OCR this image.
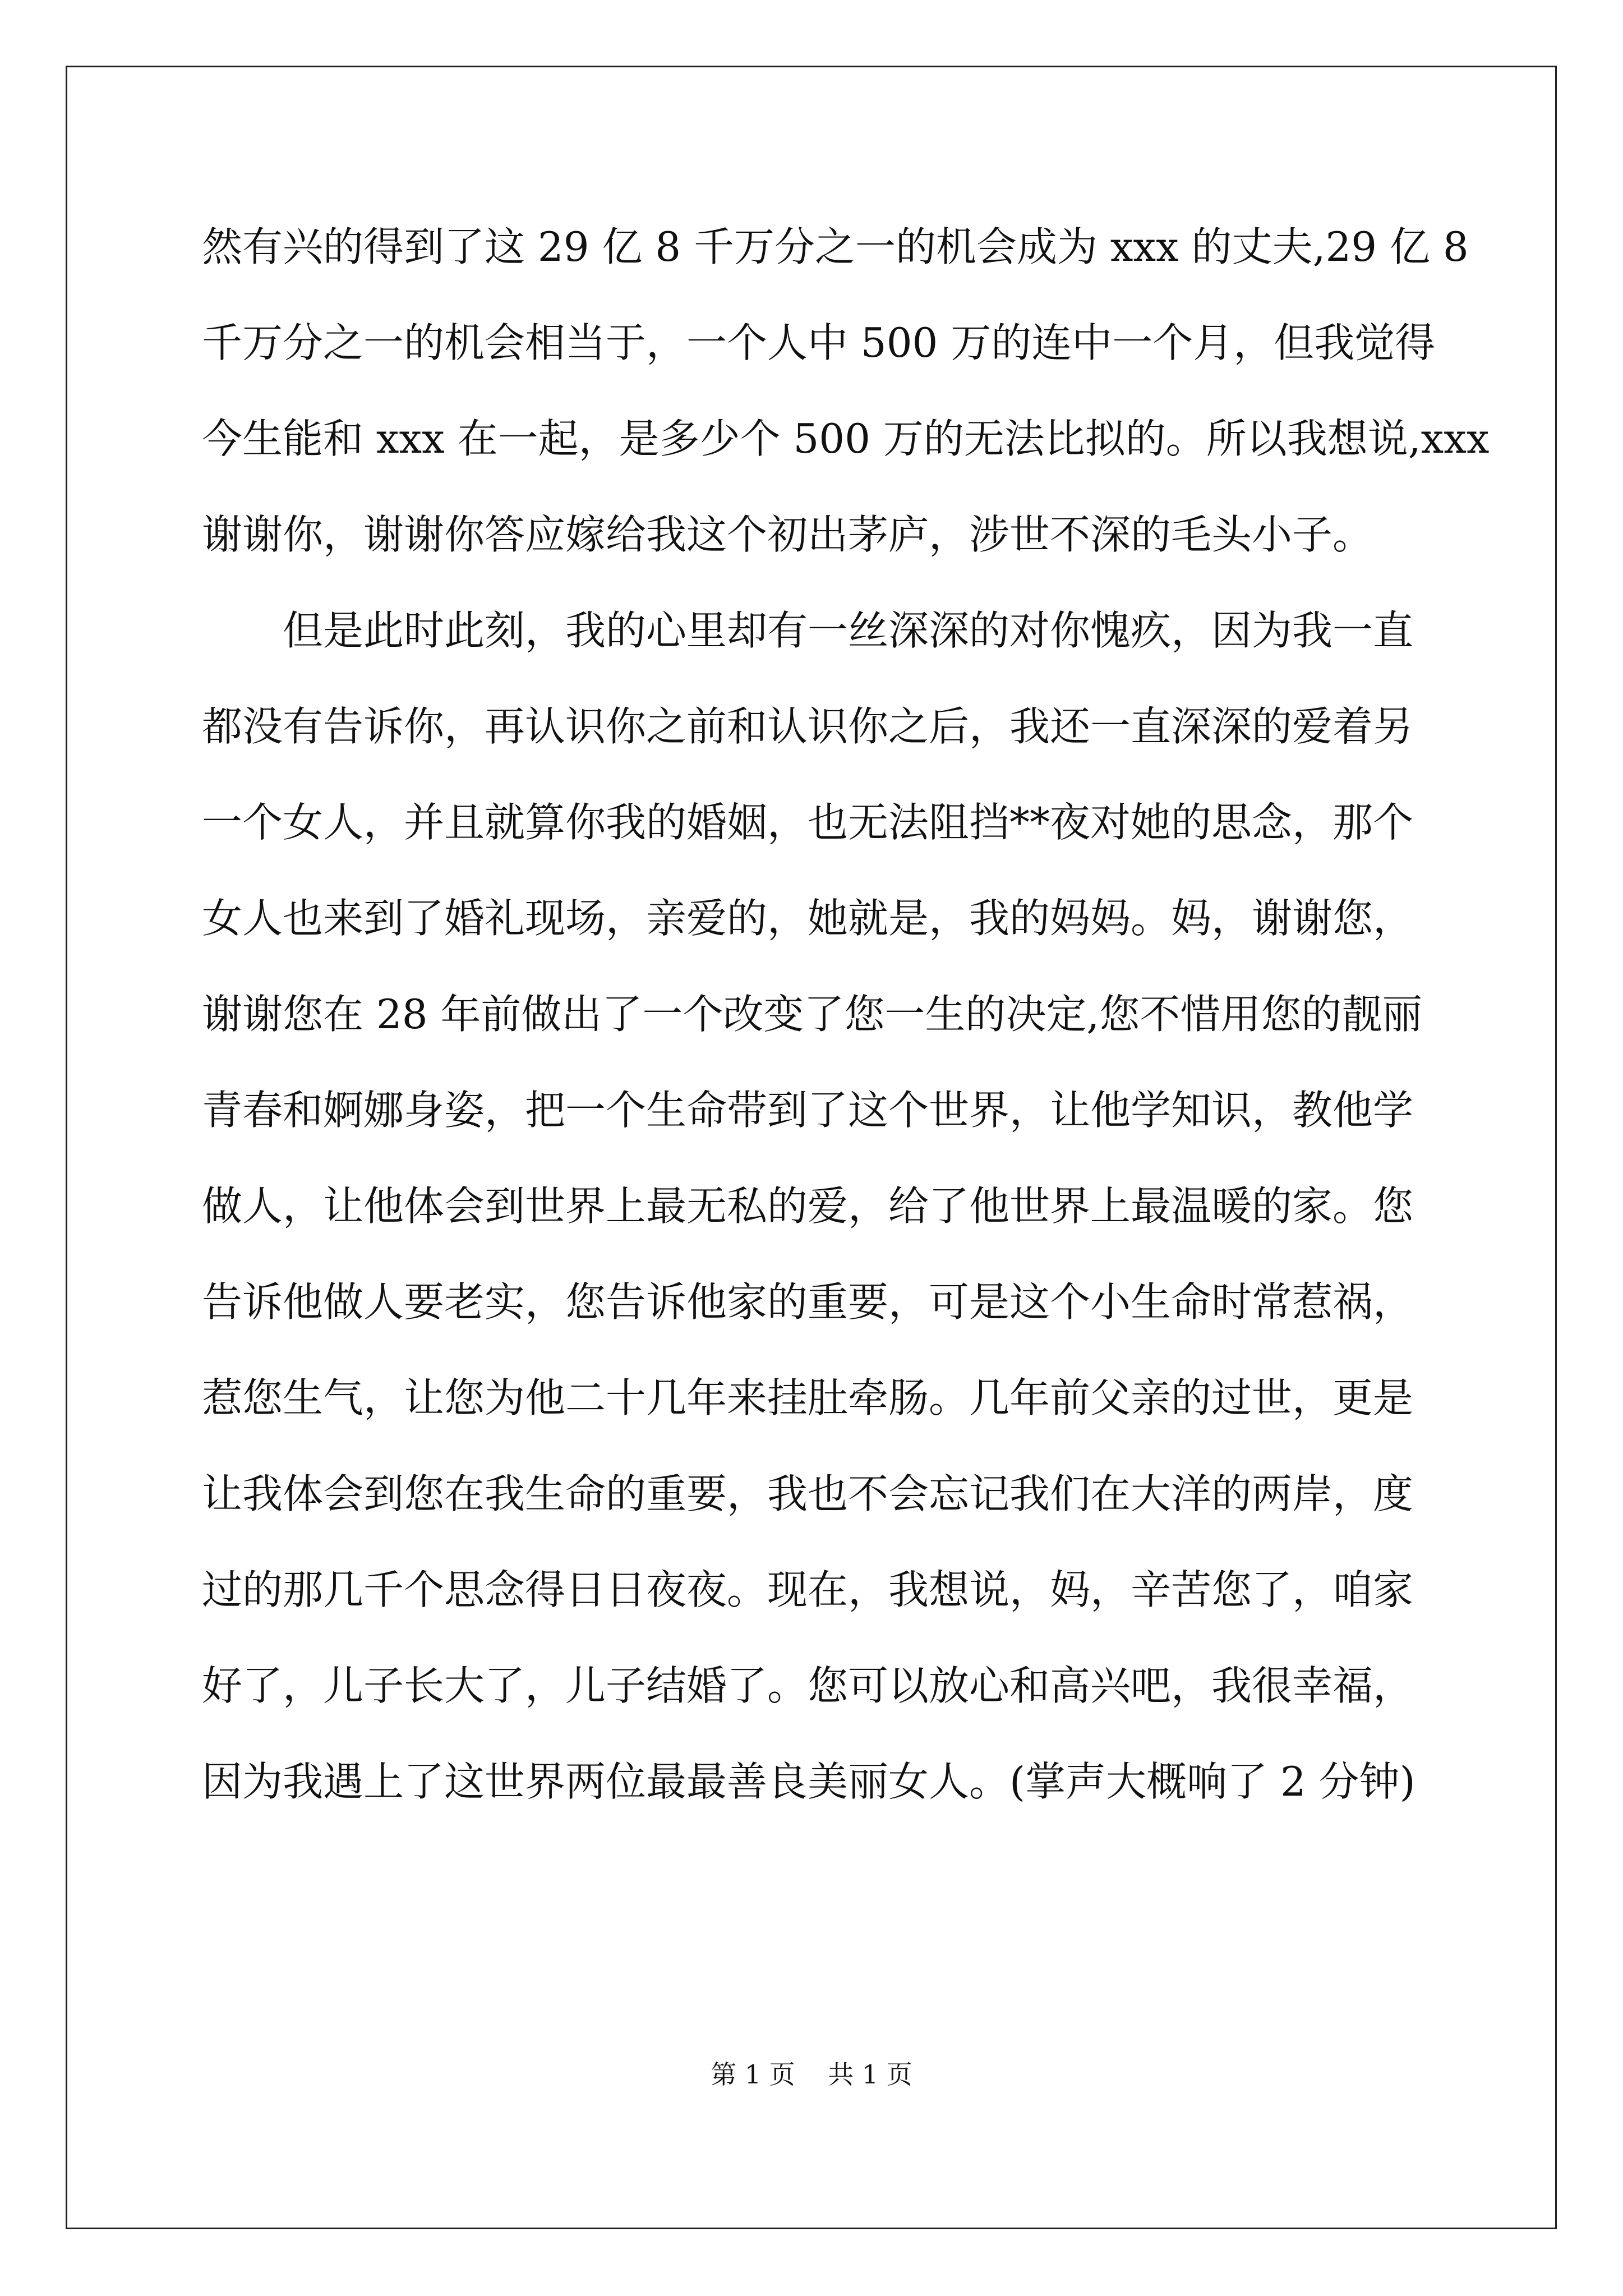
然有兴的得到了这 29 亿 8 千万分之一的机会成为 xxx 的丈夫,29 亿 8
千万分之一的机会相当于，一个人中 500 万的连中一个月，但我觉得
今生能和 xxx 在一起，是多少个 500 万的无法比拟的。所以我想说,xxx
谢谢你，谢谢你答应嫁给我这个初出茅庐，涉世不深的毛头小子。
但是此时此刻，我的心里却有一丝深深的对你愧疚，因为我一直
都没有告诉你，再认识你之前和认识你之后，我还一直深深的爱着另
一个女人，并且就算你我的婚姻，也无法阻挡**夜对她的思念，那个
女人也来到了婚礼现场，亲爱的，她就是，我的妈妈。妈，谢谢您，
谢谢您在 28 年前做出了一个改变了您一生的决定,您不惜用您的靓丽
青春和婀娜身姿，把一个生命带到了这个世界，让他学知识，教他学
做人，让他体会到世界上最无私的爱，给了他世界上最温暖的家。您
告诉他做人要老实，您告诉他家的重要，可是这个小生命时常惹祸，
惹您生气，让您为他二十几年来挂肚牵肠。几年前父亲的过世，更是
让我体会到您在我生命的重要，我也不会忘记我们在大洋的两岸，度
过的那几千个思念得日日夜夜。现在，我想说，妈，辛苦您了，咱家
好了，儿子长大了，儿子结婚了。您可以放心和高兴吧，我很幸福，
因为我遇上了这世界两位最最善良美丽女人。(掌声大概响了 2 分钟)
第 1 页    共 1 页
